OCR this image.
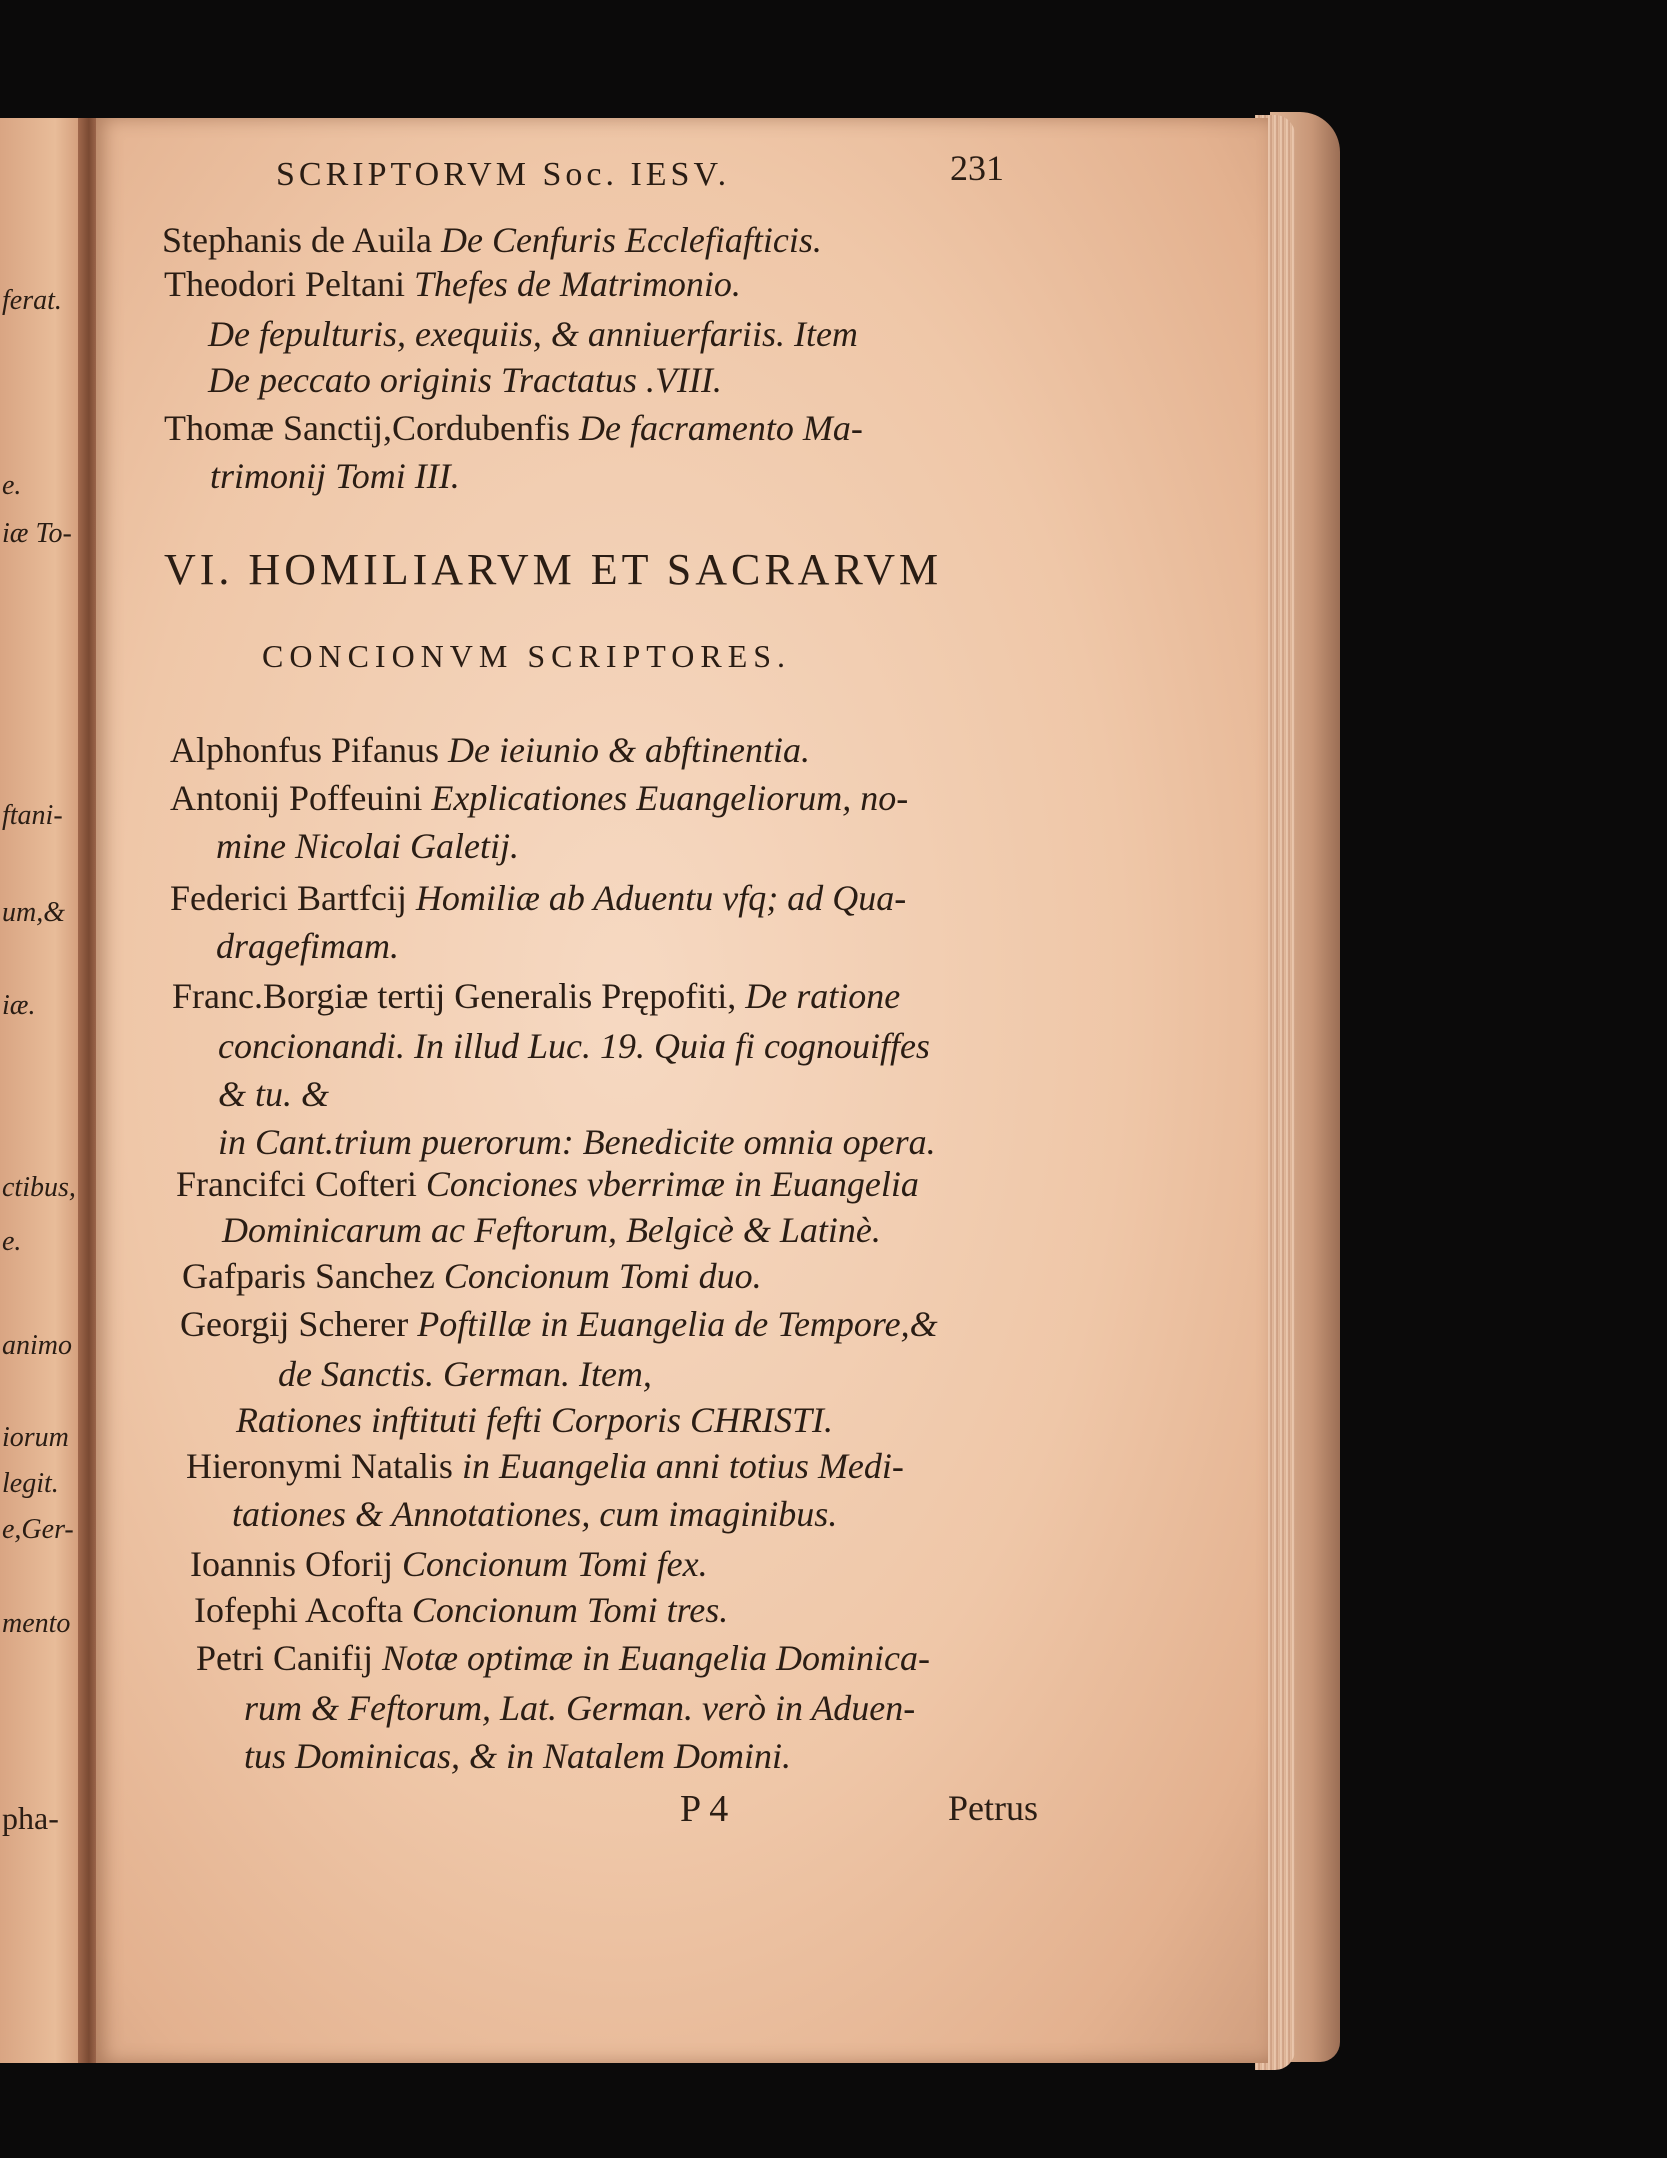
ferat.
e.
iæ To-
ftani-
um,&
iæ.
ctibus,
e.
animo
iorum
legit.
e,Ger-
mento
pha-
SCRIPTORVM Soc. IESV.	231
Stephanis de Auila De Cenfuris Ecclefiafticis.
Theodori Peltani Thefes de Matrimonio.
De fepulturis, exequiis, & anniuerfariis. Item
De peccato originis Tractatus .VIII.
Thomæ Sanctij,Cordubenfis De facramento Ma-
trimonij Tomi III.
VI. HOMILIARVM ET SACRARVM
CONCIONVM SCRIPTORES.
Alphonfus Pifanus De ieiunio & abftinentia.
Antonij Poffeuini Explicationes Euangeliorum, no-
mine Nicolai Galetij.
Federici Bartfcij Homiliæ ab Aduentu vfq; ad Qua-
dragefimam.
Franc.Borgiæ tertij Generalis Prępofiti, De ratione
concionandi. In illud Luc. 19. Quia fi cognouiffes
& tu. &
in Cant.trium puerorum: Benedicite omnia opera.
Francifci Cofteri Conciones vberrimæ in Euangelia
Dominicarum ac Feftorum, Belgicè & Latinè.
Gafparis Sanchez Concionum Tomi duo.
Georgij Scherer Poftillæ in Euangelia de Tempore,&
de Sanctis. German. Item,
Rationes inftituti fefti Corporis CHRISTI.
Hieronymi Natalis in Euangelia anni totius Medi-
tationes & Annotationes, cum imaginibus.
Ioannis Oforij Concionum Tomi fex.
Iofephi Acofta Concionum Tomi tres.
Petri Canifij Notæ optimæ in Euangelia Dominica-
rum & Feftorum, Lat. German. verò in Aduen-
tus Dominicas, & in Natalem Domini.
P 4	Petrus
